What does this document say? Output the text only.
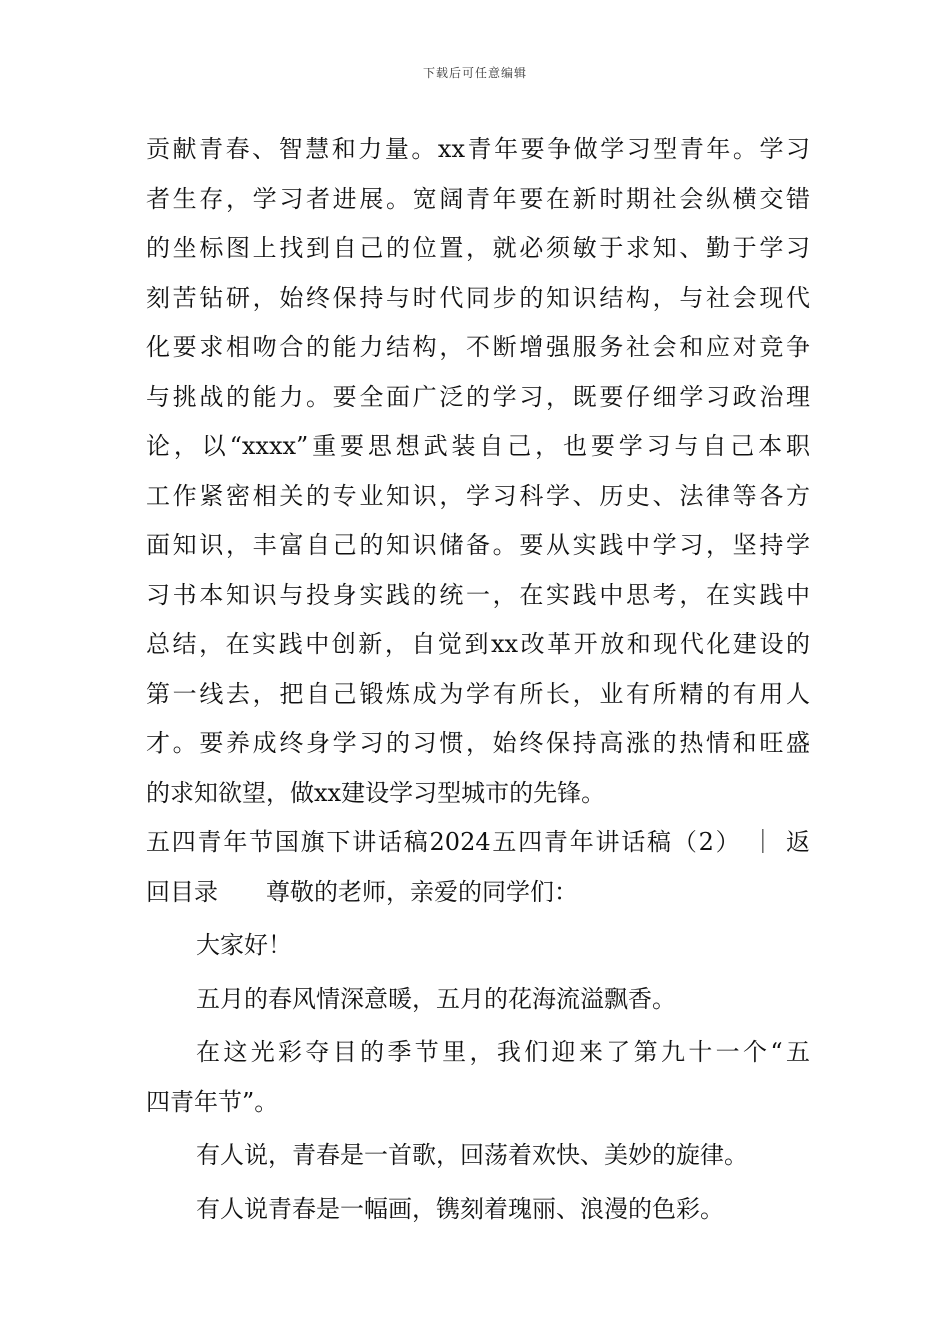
下载后可任意编辑
贡献青春、智慧和力量。xx青年要争做学习型青年。学习
者生存，学习者进展。宽阔青年要在新时期社会纵横交错
的坐标图上找到自己的位置，就必须敏于求知、勤于学习
刻苦钻研，始终保持与时代同步的知识结构，与社会现代
化要求相吻合的能力结构，不断增强服务社会和应对竞争
与挑战的能力。要全面广泛的学习，既要仔细学习政治理
论，以“xxxx”重要思想武装自己，也要学习与自己本职
工作紧密相关的专业知识，学习科学、历史、法律等各方
面知识，丰富自己的知识储备。要从实践中学习，坚持学
习书本知识与投身实践的统一，在实践中思考，在实践中
总结，在实践中创新，自觉到xx改革开放和现代化建设的
第一线去，把自己锻炼成为学有所长，业有所精的有用人
才。要养成终身学习的习惯，始终保持高涨的热情和旺盛
的求知欲望，做xx建设学习型城市的先锋。
五四青年节国旗下讲话稿2024五四青年讲话稿（2） ｜ 返
回目录　　尊敬的老师，亲爱的同学们：
大家好！
五月的春风情深意暖，五月的花海流溢飘香。
在这光彩夺目的季节里，我们迎来了第九十一个“五
四青年节”。
有人说，青春是一首歌，回荡着欢快、美妙的旋律。
有人说青春是一幅画，镌刻着瑰丽、浪漫的色彩。
